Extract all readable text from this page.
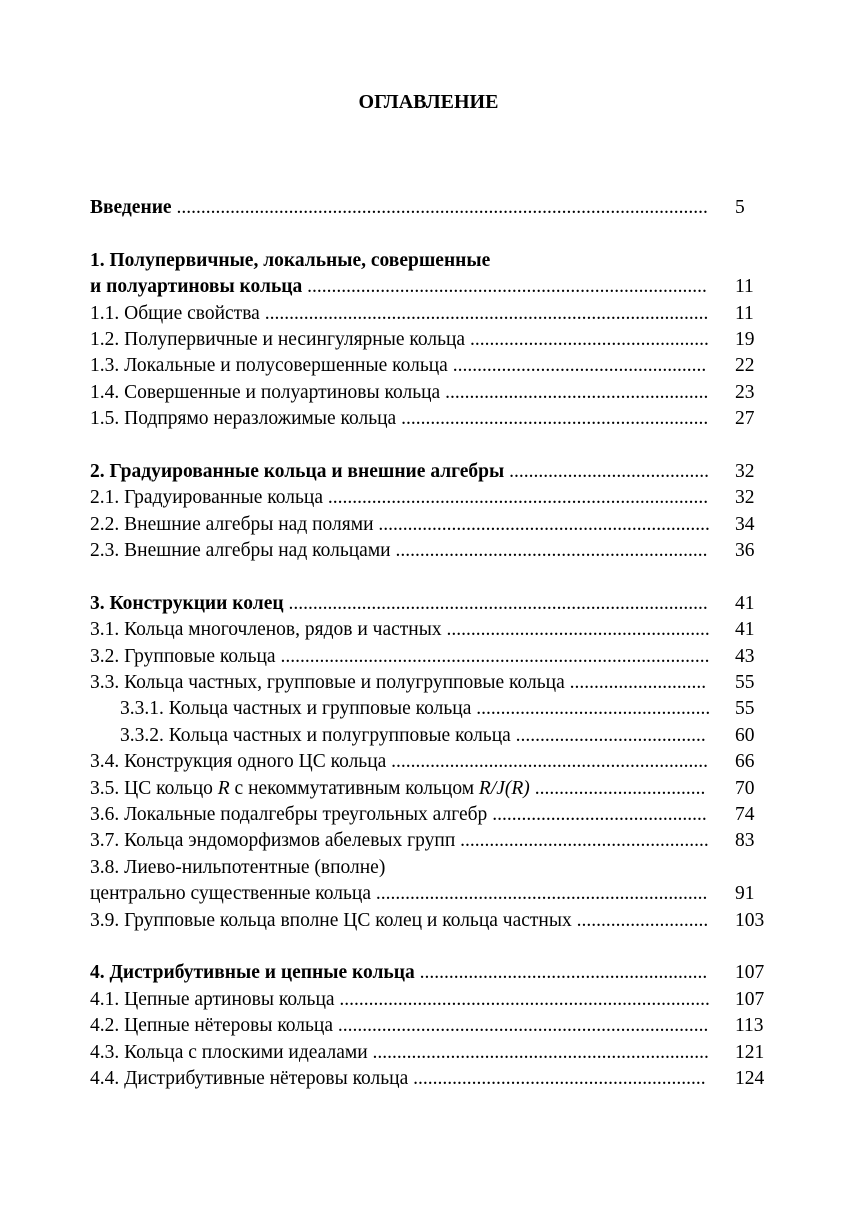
ОГЛАВЛЕНИЕ
Введение ............................................................................................................. 5
1. Полупервичные, локальные, совершенные
и полуартиновы кольца .................................................................................. 11
1.1. Общие свойства ........................................................................................... 11
1.2. Полупервичные и несингулярные кольца ................................................. 19
1.3. Локальные и полусовершенные кольца .................................................... 22
1.4. Совершенные и полуартиновы кольца ...................................................... 23
1.5. Подпрямо неразложимые кольца ............................................................... 27
2. Градуированные кольца и внешние алгебры ......................................... 32
2.1. Градуированные кольца .............................................................................. 32
2.2. Внешние алгебры над полями .................................................................... 34
2.3. Внешние алгебры над кольцами ................................................................ 36
3. Конструкции колец ...................................................................................... 41
3.1. Кольца многочленов, рядов и частных ...................................................... 41
3.2. Групповые кольца ........................................................................................ 43
3.3. Кольца частных, групповые и полугрупповые кольца ............................ 55
3.3.1. Кольца частных и групповые кольца ................................................ 55
3.3.2. Кольца частных и полугрупповые кольца ....................................... 60
3.4. Конструкция одного ЦС кольца ................................................................. 66
3.5. ЦС кольцо R с некоммутативным кольцом R/J(R) ................................... 70
3.6. Локальные подалгебры треугольных алгебр ............................................ 74
3.7. Кольца эндоморфизмов абелевых групп ................................................... 83
3.8. Лиево-нильпотентные (вполне)
центрально существенные кольца .................................................................... 91
3.9. Групповые кольца вполне ЦС колец и кольца частных ........................... 103
4. Дистрибутивные и цепные кольца ........................................................... 107
4.1. Цепные артиновы кольца ............................................................................ 107
4.2. Цепные нётеровы кольца ............................................................................ 113
4.3. Кольца с плоскими идеалами ..................................................................... 121
4.4. Дистрибутивные нётеровы кольца ............................................................ 124
